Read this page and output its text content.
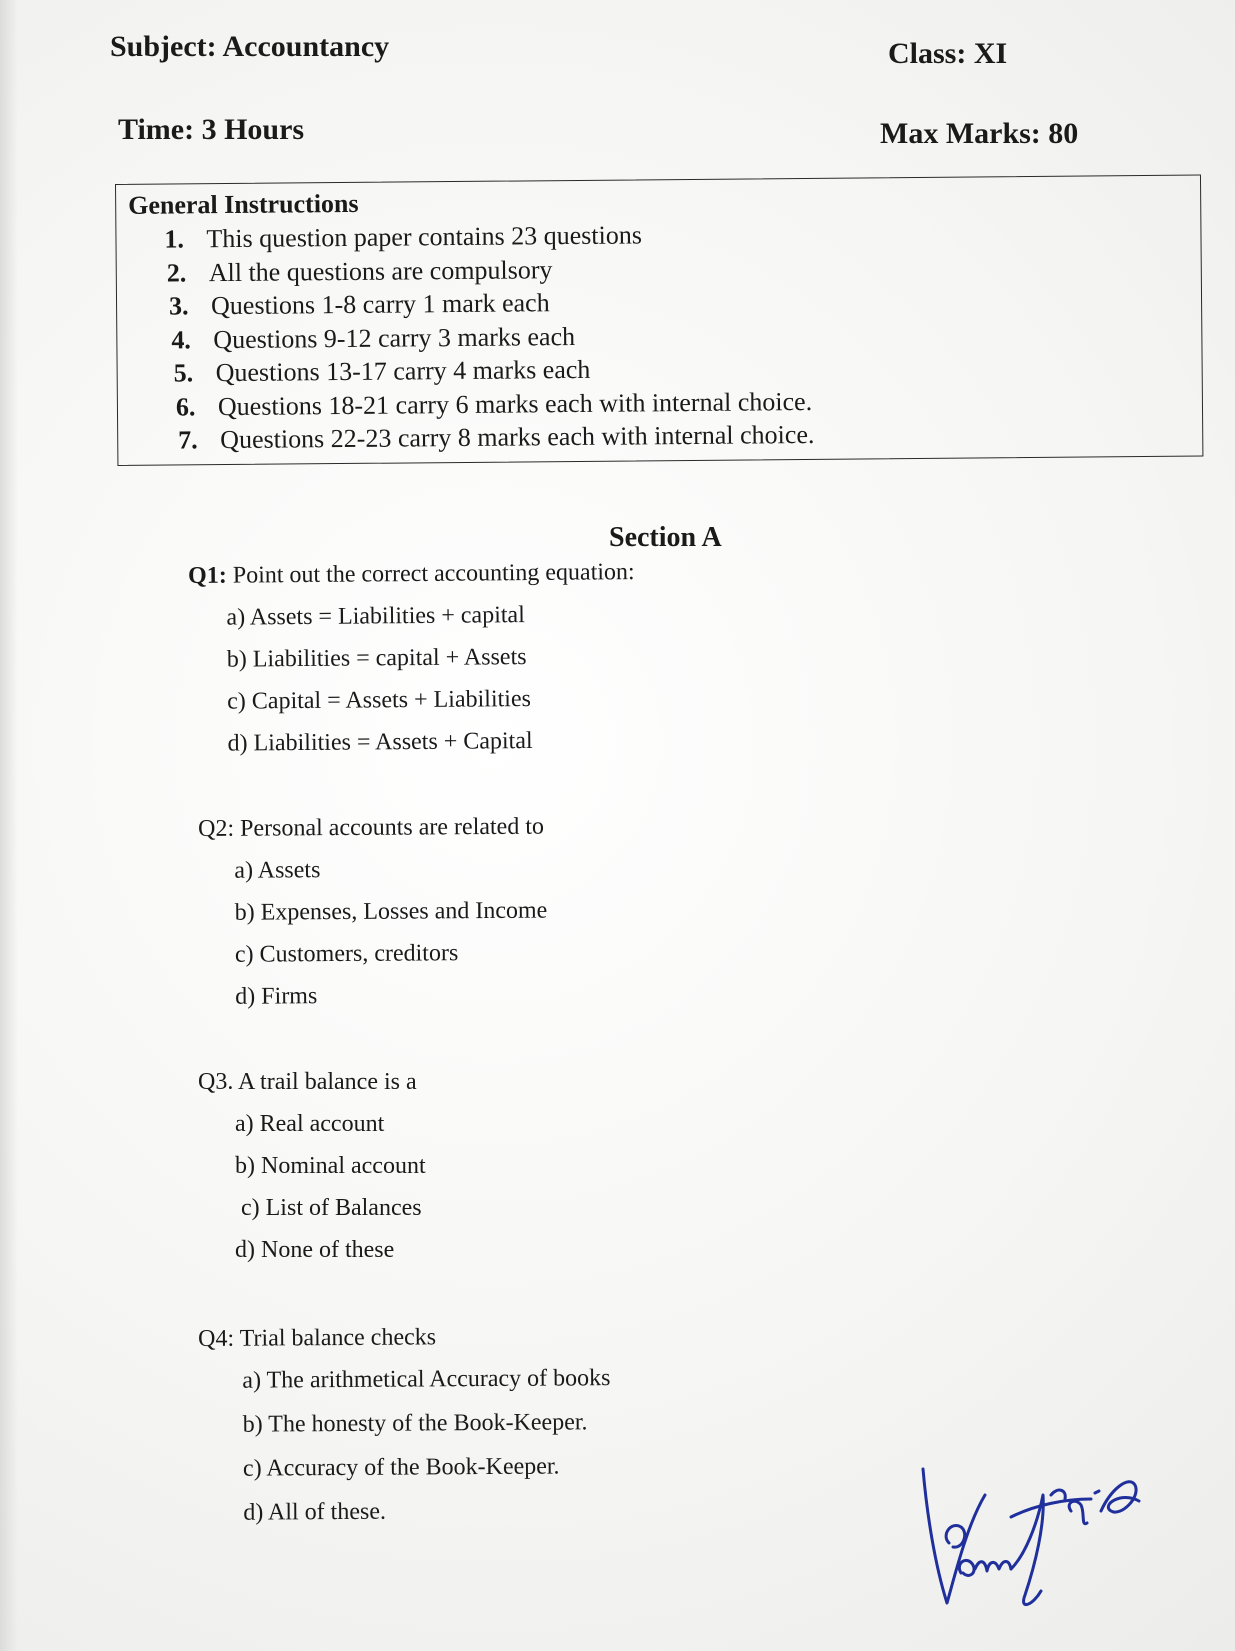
Subject: Accountancy	Class: XI
Time: 3 Hours	Max Marks: 80
General Instructions
1. This question paper contains 23 questions
2. All the questions are compulsory
3. Questions 1-8 carry 1 mark each
4. Questions 9-12 carry 3 marks each
5. Questions 13-17 carry 4 marks each
6. Questions 18-21 carry 6 marks each with internal choice.
7. Questions 22-23 carry 8 marks each with internal choice.
Section A
Q1: Point out the correct accounting equation:
a) Assets = Liabilities + capital
b) Liabilities = capital + Assets
c) Capital = Assets + Liabilities
d) Liabilities = Assets + Capital
Q2: Personal accounts are related to
a) Assets
b) Expenses, Losses and Income
c) Customers, creditors
d) Firms
Q3. A trail balance is a
a) Real account
b) Nominal account
c) List of Balances
d) None of these
Q4: Trial balance checks
a) The arithmetical Accuracy of books
b) The honesty of the Book-Keeper.
c) Accuracy of the Book-Keeper.
d) All of these.
